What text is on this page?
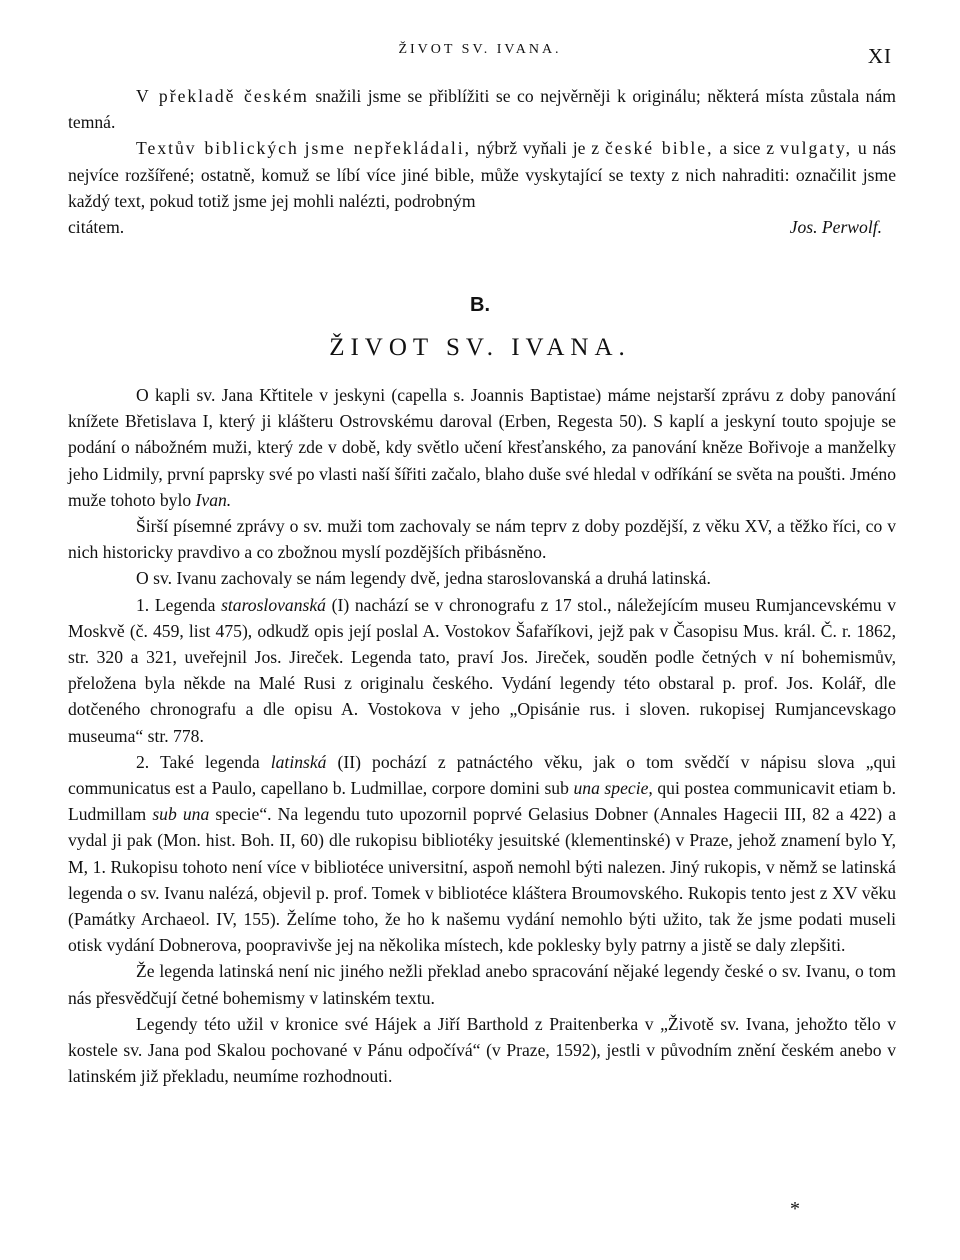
ŽIVOT SV. IVANA.	XI

V překladě českém snažili jsme se přiblížiti se co nejvěrněji k originálu; některá místa zůstala nám temná.

Textův biblických jsme nepřekládali, nýbrž vyňali je z české bible, a sice z vulgaty, u nás nejvíce rozšířené; ostatně, komuž se líbí více jiné bible, může vyskytající se texty z nich nahraditi: označilit jsme každý text, pokud totiž jsme jej mohli nalézti, podrobným

citátem.	Jos. Perwolf.
B.
ŽIVOT SV. IVANA.

O kapli sv. Jana Křtitele v jeskyni (capella s. Joannis Baptistae) máme nejstarší zprávu z doby panování knížete Břetislava I, který ji klášteru Ostrovskému daroval (Erben, Regesta 50). S kaplí a jeskyní touto spojuje se podání o nábožném muži, který zde v době, kdy světlo učení křesťanského, za panování kněze Bořivoje a manželky jeho Lidmily, první paprsky své po vlasti naší šířiti začalo, blaho duše své hledal v odříkání se světa na poušti. Jméno muže tohoto bylo Ivan.

Širší písemné zprávy o sv. muži tom zachovaly se nám teprv z doby pozdější, z věku XV, a těžko říci, co v nich historicky pravdivo a co zbožnou myslí pozdějších přibásněno.

O sv. Ivanu zachovaly se nám legendy dvě, jedna staroslovanská a druhá latinská.

1. Legenda staroslovanská (I) nachází se v chronografu z 17 stol., náležejícím museu Rumjancevskému v Moskvě (č. 459, list 475), odkudž opis její poslal A. Vostokov Šafaříkovi, jejž pak v Časopisu Mus. král. Č. r. 1862, str. 320 a 321, uveřejnil Jos. Jireček. Legenda tato, praví Jos. Jireček, souděn podle četných v ní bohemismův, přeložena byla někde na Malé Rusi z originalu českého. Vydání legendy této obstaral p. prof. Jos. Kolář, dle dotčeného chronografu a dle opisu A. Vostokova v jeho „Opisánie rus. i sloven. rukopisej Rumjancevskago museuma“ str. 778.

2. Také legenda latinská (II) pochází z patnáctého věku, jak o tom svědčí v nápisu slova „qui communicatus est a Paulo, capellano b. Ludmillae, corpore domini sub una specie, qui postea communicavit etiam b. Ludmillam sub una specie“. Na legendu tuto upozornil poprvé Gelasius Dobner (Annales Hagecii III, 82 a 422) a vydal ji pak (Mon. hist. Boh. II, 60) dle rukopisu bibliotéky jesuitské (klementinské) v Praze, jehož znamení bylo Y, M, 1. Rukopisu tohoto není více v bibliotéce universitní, aspoň nemohl býti nalezen. Jiný rukopis, v němž se latinská legenda o sv. Ivanu nalézá, objevil p. prof. Tomek v bibliotéce kláštera Broumovského. Rukopis tento jest z XV věku (Památky Archaeol. IV, 155). Želíme toho, že ho k našemu vydání nemohlo býti užito, tak že jsme podati museli otisk vydání Dobnerova, poopravivše jej na několika místech, kde poklesky byly patrny a jistě se daly zlepšiti.

Že legenda latinská není nic jiného nežli překlad anebo spracování nějaké legendy české o sv. Ivanu, o tom nás přesvědčují četné bohemismy v latinském textu.

Legendy této užil v kronice své Hájek a Jiří Barthold z Praitenberka v „Životě sv. Ivana, jehožto tělo v kostele sv. Jana pod Skalou pochované v Pánu odpočívá“ (v Praze, 1592), jestli v původním znění českém anebo v latinském již překladu, neumíme rozhodnouti.

*
